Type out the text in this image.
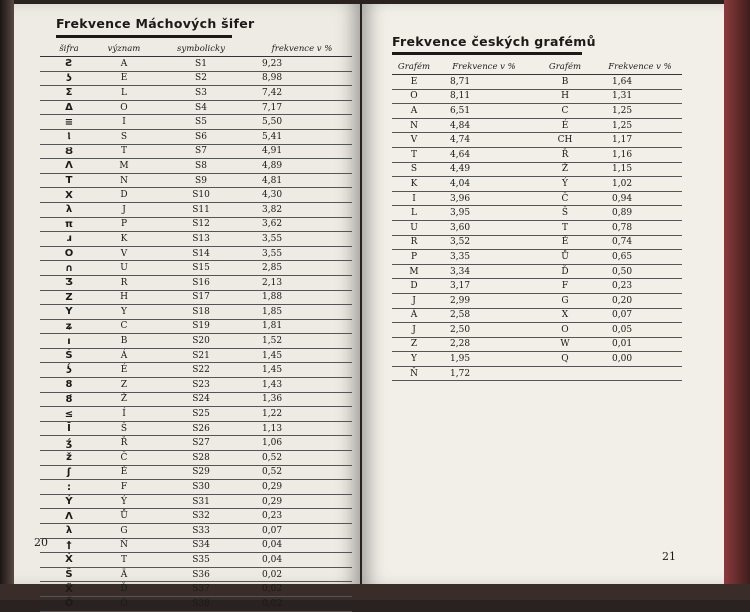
Frekvence Máchových šifer
šifra	význam	symbolicky	frekvence v %
Ƨ	A	S1	9,23
ʖ	E	S2	8,98
Σ	L	S3	7,42
Δ	O	S4	7,17
≡	I	S5	5,50
Ⲓ	S	S6	5,41
Ȣ	T	S7	4,91
Λ	M	S8	4,89
T	N	S9	4,81
X	D	S10	4,30
λ	J	S11	3,82
π	P	S12	3,62
ɹ	K	S13	3,55
O	V	S14	3,55
∩	U	S15	2,85
Ʒ	R	S16	2,13
Z	H	S17	1,88
Y	Y	S18	1,85
ʑ	C	S19	1,81
ı	B	S20	1,52
Ś	Á	S21	1,45
ʖ́	É	S22	1,45
8	Z	S23	1,43
8́	Ž	S24	1,36
≤	Í	S25	1,22
Ī	Š	S26	1,13
ʒ́	Ř	S27	1,06
ž	Č	S28	0,52
ʃ	Ě	S29	0,52
:	F	S30	0,29
Ý	Ý	S31	0,29
Ʌ	Ů	S32	0,23
λ	G	S33	0,07
†	Ň	S34	0,04
Ẋ	T	S35	0,04
Ŝ	Ä	S36	0,02
Ẍ	Ď	S37	0,02
Ő	Ó	S38	0,02
20
Frekvence českých grafémů
Grafém	Frekvence v %	Grafém	Frekvence v %
E	8,71	B	1,64
O	8,11	H	1,31
A	6,51	C	1,25
N	4,84	É	1,25
V	4,74	CH	1,17
T	4,64	Ř	1,16
S	4,49	Ž	1,15
K	4,04	Ý	1,02
I	3,96	Č	0,94
L	3,95	Š	0,89
U	3,60	T	0,78
R	3,52	Ě	0,74
P	3,35	Ů	0,65
M	3,34	Ď	0,50
D	3,17	F	0,23
J	2,99	G	0,20
Á	2,58	X	0,07
J	2,50	O	0,05
Z	2,28	W	0,01
Y	1,95	Q	0,00
Ň	1,72		
21
